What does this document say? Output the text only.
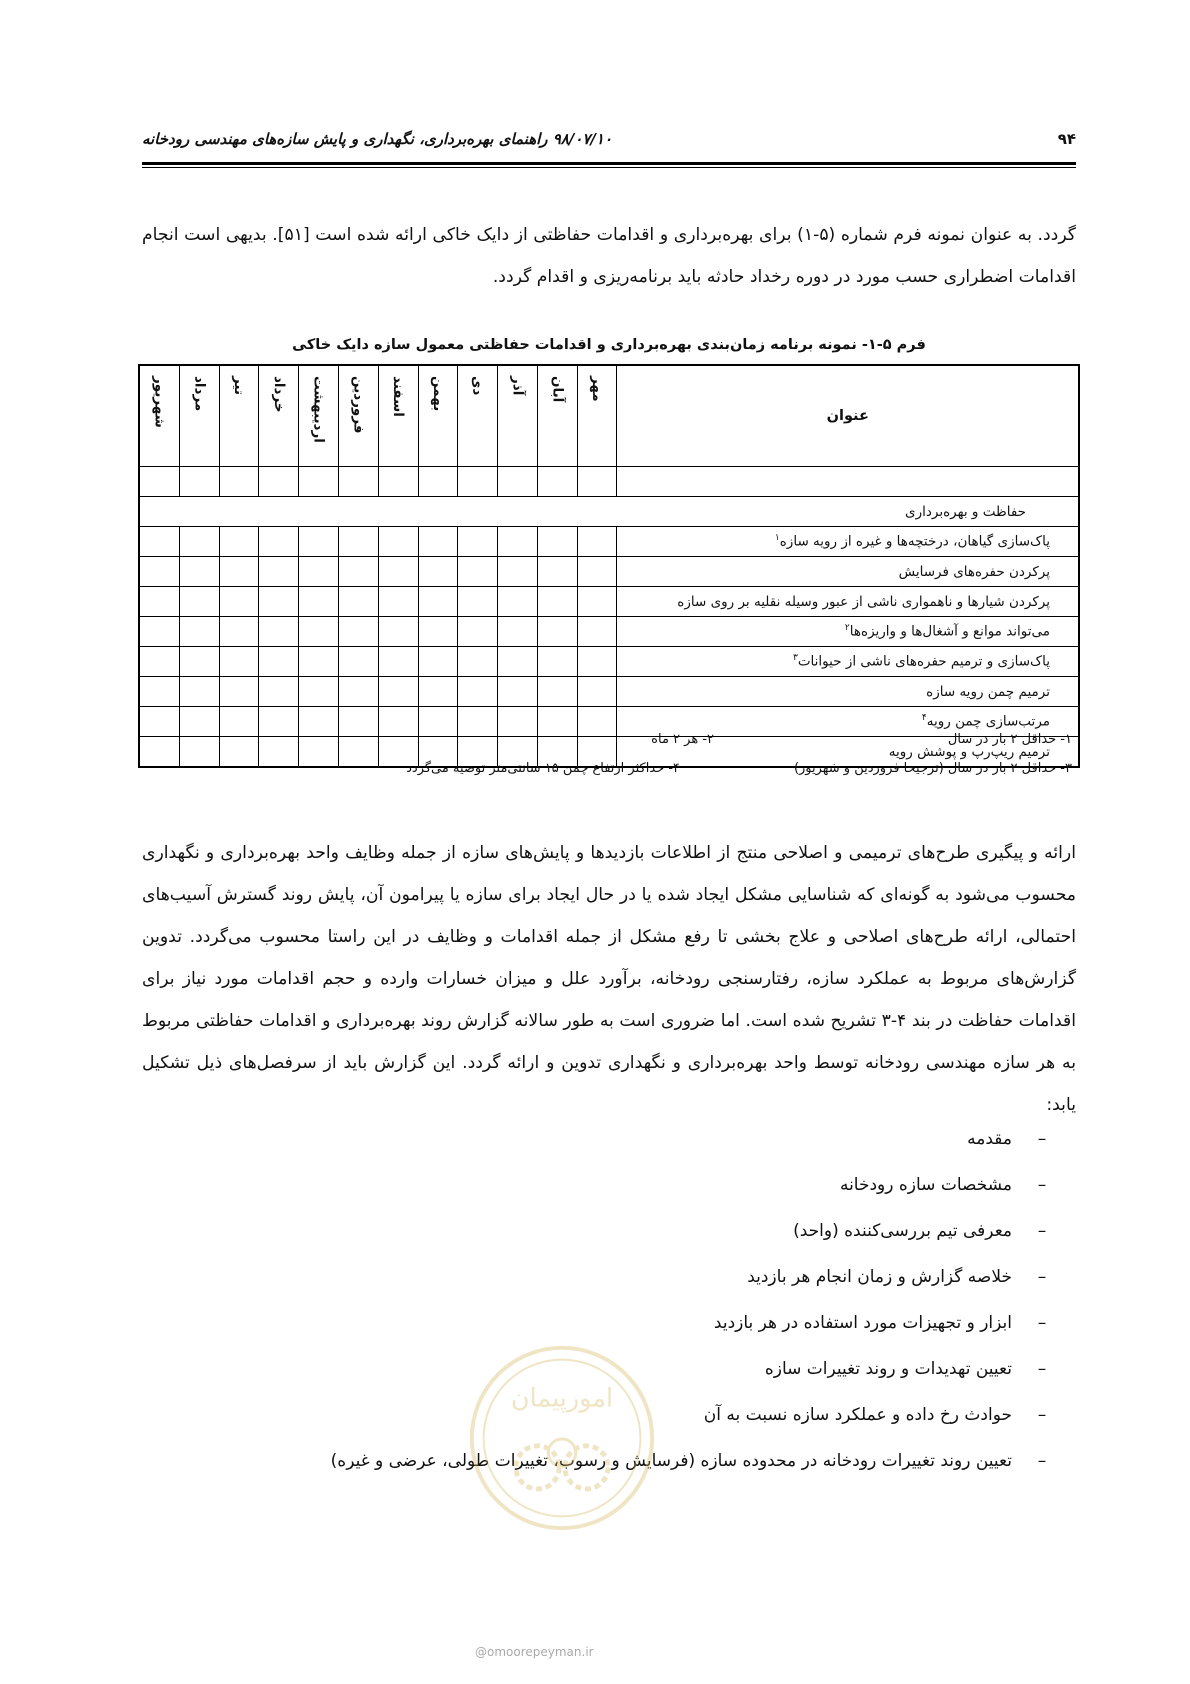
۹۴
۹۸/۰۷/۱۰ راهنمای بهره‌برداری، نگهداری و پایش سازه‌های مهندسی رودخانه
گردد. به عنوان نمونه فرم شماره (۵-۱) برای بهره‌برداری و اقدامات حفاظتی از دایک خاکی ارائه شده است [۵۱]. بدیهی است انجام اقدامات اضطراری حسب مورد در دوره رخداد حادثه باید برنامه‌ریزی و اقدام گردد.
فرم ۵-۱- نمونه برنامه زمان‌بندی بهره‌برداری و اقدامات حفاظتی معمول سازه دایک خاکی
عنوان	مهر	آبان	آذر	دی	بهمن	اسفند	فروردین	اردیبهشت	خرداد	تیر	مرداد	شهریور

حفاظت و بهره‌برداری												
پاک‌سازی گیاهان، درختچه‌ها و غیره از رویه سازه$^۱$												
پرکردن حفره‌های فرسایش												
پرکردن شیارها و ناهمواری ناشی از عبور وسیله نقلیه بر روی سازه												
می‌تواند موانع و آشغال‌ها و واریزه‌ها$^۲$												
پاک‌سازی و ترمیم حفره‌های ناشی از حیوانات$^۳$												
ترمیم چمن رویه سازه												
مرتب‌سازی چمن رویه$^۴$												
ترمیم ریپ‌رپ و پوشش رویه												
۱- حداقل ۲ بار در سال
۲- هر ۲ ماه
۳- حداقل ۲ بار در سال (ترجیحا فروردین و شهریور)
۴- حداکثر ارتفاع چمن ۱۵ سانتی‌متر توصیه می‌گردد
ارائه و پیگیری طرح‌های ترمیمی و اصلاحی منتج از اطلاعات بازدیدها و پایش‌های سازه از جمله وظایف واحد بهره‌برداری و نگهداری محسوب می‌شود به گونه‌ای که شناسایی مشکل ایجاد شده یا در حال ایجاد برای سازه یا پیرامون آن، پایش روند گسترش آسیب‌های احتمالی، ارائه طرح‌های اصلاحی و علاج بخشی تا رفع مشکل از جمله اقدامات و وظایف در این راستا محسوب می‌گردد. تدوین گزارش‌های مربوط به عملکرد سازه، رفتارسنجی رودخانه، برآورد علل و میزان خسارات وارده و حجم اقدامات مورد نیاز برای اقدامات حفاظت در بند ۴-۳ تشریح شده است. اما ضروری است به طور سالانه گزارش روند بهره‌برداری و اقدامات حفاظتی مربوط به هر سازه مهندسی رودخانه توسط واحد بهره‌برداری و نگهداری تدوین و ارائه گردد. این گزارش باید از سرفصل‌های ذیل تشکیل یابد:
–مقدمه
–مشخصات سازه رودخانه
–معرفی تیم بررسی‌کننده (واحد)
–خلاصه گزارش و زمان انجام هر بازدید
–ابزار و تجهیزات مورد استفاده در هر بازدید
–تعیین تهدیدات و روند تغییرات سازه
–حوادث رخ داده و عملکرد سازه نسبت به آن
–تعیین روند تغییرات رودخانه در محدوده سازه (فرسایش و رسوب، تغییرات طولی، عرضی و غیره)
امورپیمان
@omoorepeyman.ir
